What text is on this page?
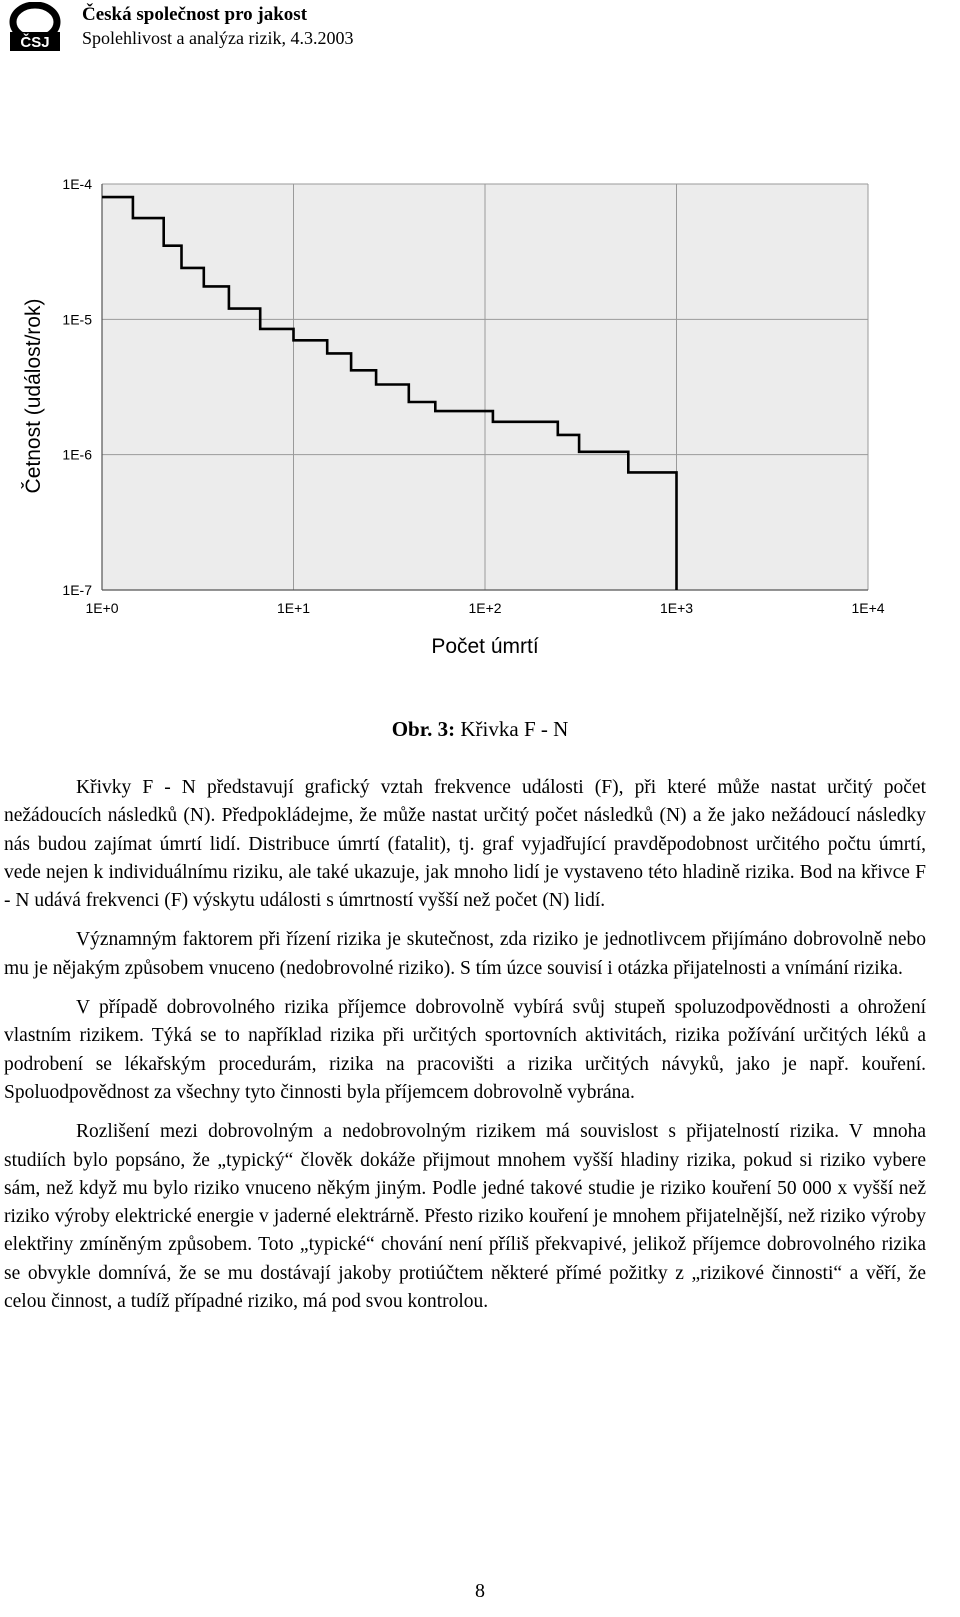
ČSJ
Česká společnost pro jakost
Spolehlivost a analýza rizik, 4.3.2003
1E+0	1E+1	1E+2	1E+3	1E+4
1E-4
1E-5
1E-6
1E-7
Počet úmrtí
Četnost (událost/rok)
Obr. 3: Křivka F - N

Křivky F - N představují grafický vztah frekvence události (F), při které může nastat určitý počet nežádoucích následků (N). Předpokládejme, že může nastat určitý počet následků (N) a že jako nežádoucí následky nás budou zajímat úmrtí lidí. Distribuce úmrtí (fatalit), tj. graf vyjadřující pravděpodobnost určitého počtu úmrtí, vede nejen k individuálnímu riziku, ale také ukazuje, jak mnoho lidí je vystaveno této hladině rizika. Bod na křivce F - N udává frekvenci (F) výskytu události s úmrtností vyšší než počet (N) lidí.

Významným faktorem při řízení rizika je skutečnost, zda riziko je jednotlivcem přijímáno dobrovolně nebo mu je nějakým způsobem vnuceno (nedobrovolné riziko). S tím úzce souvisí i otázka přijatelnosti a vnímání rizika.

V případě dobrovolného rizika příjemce dobrovolně vybírá svůj stupeň spoluzodpovědnosti a ohrožení vlastním rizikem. Týká se to například rizika při určitých sportovních aktivitách, rizika požívání určitých léků a podrobení se lékařským procedurám, rizika na pracovišti a rizika určitých návyků, jako je např. kouření. Spoluodpovědnost za všechny tyto činnosti byla příjemcem dobrovolně vybrána.

Rozlišení mezi dobrovolným a nedobrovolným rizikem má souvislost s přijatelností rizika. V mnoha studiích bylo popsáno, že „typický“ člověk dokáže přijmout mnohem vyšší hladiny rizika, pokud si riziko vybere sám, než když mu bylo riziko vnuceno někým jiným. Podle jedné takové studie je riziko kouření 50 000 x vyšší než riziko výroby elektrické energie v jaderné elektrárně. Přesto riziko kouření je mnohem přijatelnější, než riziko výroby elektřiny zmíněným způsobem. Toto „typické“ chování není příliš překvapivé, jelikož příjemce dobrovolného rizika se obvykle domnívá, že se mu dostávají jakoby protiúčtem některé přímé požitky z „rizikové činnosti“ a věří, že celou činnost, a tudíž případné riziko, má pod svou kontrolou.

8
